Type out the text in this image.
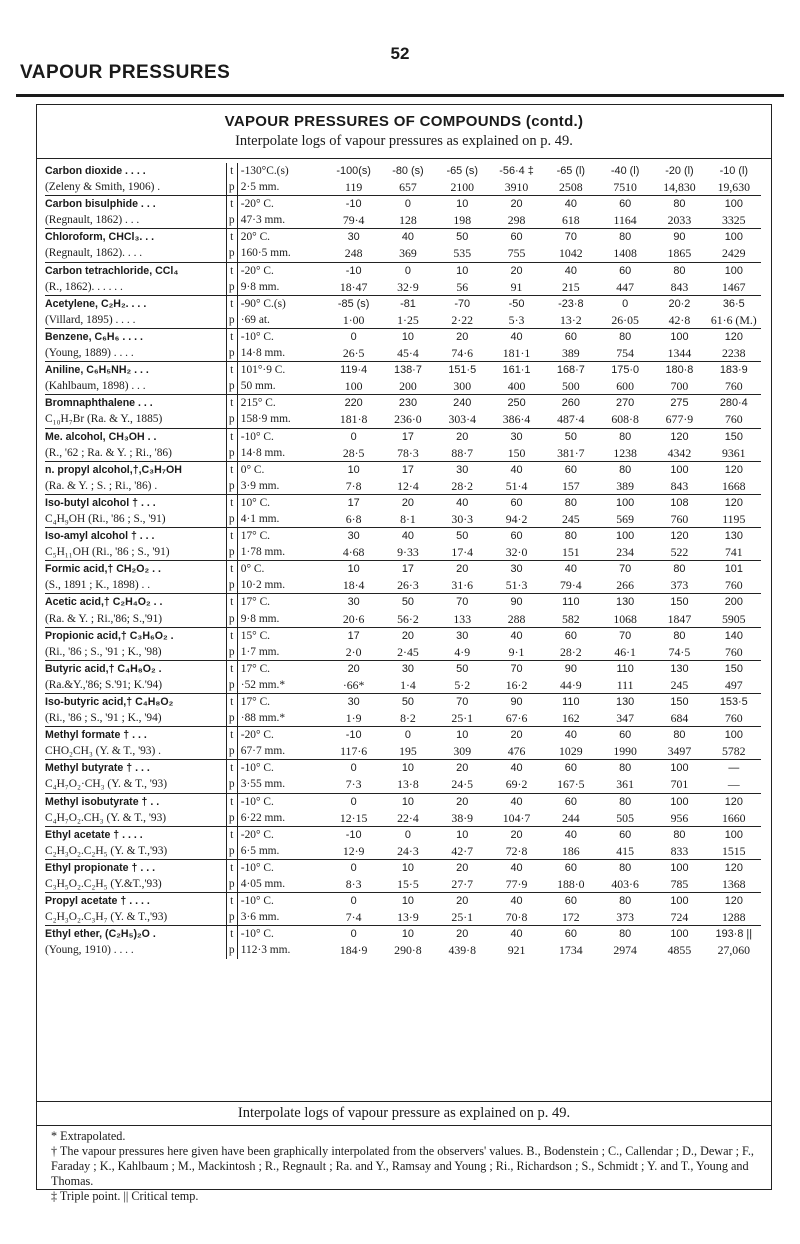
52
VAPOUR PRESSURES
VAPOUR PRESSURES OF COMPOUNDS (contd.)
Interpolate logs of vapour pressures as explained on p. 49.
Carbon dioxide . . . .	t	-130°C.(s)	-100(s)	-80 (s)	-65 (s)	-56·4 ‡	-65 (l)	-40 (l)	-20 (l)	-10 (l)
(Zeleny & Smith, 1906) .	p	2·5 mm.	119	657	2100	3910	2508	7510	14,830	19,630
Carbon bisulphide . . .	t	-20° C.	-10	0	10	20	40	60	80	100
(Regnault, 1862) . . .	p	47·3 mm.	79·4	128	198	298	618	1164	2033	3325
Chloroform, CHCl₃. . .	t	20° C.	30	40	50	60	70	80	90	100
(Regnault, 1862). . . .	p	160·5 mm.	248	369	535	755	1042	1408	1865	2429
Carbon tetrachloride, CCl₄	t	-20° C.	-10	0	10	20	40	60	80	100
(R., 1862). . . . . .	p	9·8 mm.	18·47	32·9	56	91	215	447	843	1467
Acetylene, C₂H₂. . . .	t	-90° C.(s)	-85 (s)	-81	-70	-50	-23·8	0	20·2	36·5
(Villard, 1895) . . . .	p	·69 at.	1·00	1·25	2·22	5·3	13·2	26·05	42·8	61·6 (M.)
Benzene, C₆H₆ . . . .	t	-10° C.	0	10	20	40	60	80	100	120
(Young, 1889) . . . .	p	14·8 mm.	26·5	45·4	74·6	181·1	389	754	1344	2238
Aniline, C₆H₅NH₂ . . .	t	101°·9 C.	119·4	138·7	151·5	161·1	168·7	175·0	180·8	183·9
(Kahlbaum, 1898) . . .	p	50 mm.	100	200	300	400	500	600	700	760
Bromnaphthalene . . .	t	215° C.	220	230	240	250	260	270	275	280·4
C₁₀H₇Br (Ra. & Y., 1885)	p	158·9 mm.	181·8	236·0	303·4	386·4	487·4	608·8	677·9	760
Me. alcohol, CH₃OH . .	t	-10° C.	0	17	20	30	50	80	120	150
(R., '62 ; Ra. & Y. ; Ri., '86)	p	14·8 mm.	28·5	78·3	88·7	150	381·7	1238	4342	9361
n. propyl alcohol,†,C₃H₇OH	t	0° C.	10	17	30	40	60	80	100	120
(Ra. & Y. ; S. ; Ri., '86) .	p	3·9 mm.	7·8	12·4	28·2	51·4	157	389	843	1668
Iso-butyl alcohol † . . .	t	10° C.	17	20	40	60	80	100	108	120
C₄H₉OH (Ri., '86 ; S., '91)	p	4·1 mm.	6·8	8·1	30·3	94·2	245	569	760	1195
Iso-amyl alcohol † . . .	t	17° C.	30	40	50	60	80	100	120	130
C₅H₁₁OH (Ri., '86 ; S., '91)	p	1·78 mm.	4·68	9·33	17·4	32·0	151	234	522	741
Formic acid,† CH₂O₂ . .	t	0° C.	10	17	20	30	40	70	80	101
(S., 1891 ; K., 1898) . .	p	10·2 mm.	18·4	26·3	31·6	51·3	79·4	266	373	760
Acetic acid,† C₂H₄O₂ . .	t	17° C.	30	50	70	90	110	130	150	200
(Ra. & Y. ; Ri.,'86; S.,'91)	p	9·8 mm.	20·6	56·2	133	288	582	1068	1847	5905
Propionic acid,† C₃H₆O₂ .	t	15° C.	17	20	30	40	60	70	80	140
(Ri., '86 ; S., '91 ; K., '98)	p	1·7 mm.	2·0	2·45	4·9	9·1	28·2	46·1	74·5	760
Butyric acid,† C₄H₈O₂ .	t	17° C.	20	30	50	70	90	110	130	150
(Ra.&Y.,'86; S.'91; K.'94)	p	·52 mm.*	·66*	1·4	5·2	16·2	44·9	111	245	497
Iso-butyric acid,† C₄H₈O₂	t	17° C.	30	50	70	90	110	130	150	153·5
(Ri., '86 ; S., '91 ; K., '94)	p	·88 mm.*	1·9	8·2	25·1	67·6	162	347	684	760
Methyl formate † . . .	t	-20° C.	-10	0	10	20	40	60	80	100
CHO₂CH₃ (Y. & T., '93) .	p	67·7 mm.	117·6	195	309	476	1029	1990	3497	5782
Methyl butyrate † . . .	t	-10° C.	0	10	20	40	60	80	100	—
C₄H₇O₂·CH₃ (Y. & T., '93)	p	3·55 mm.	7·3	13·8	24·5	69·2	167·5	361	701	—
Methyl isobutyrate † . .	t	-10° C.	0	10	20	40	60	80	100	120
C₄H₇O₂.CH₃ (Y. & T., '93)	p	6·22 mm.	12·15	22·4	38·9	104·7	244	505	956	1660
Ethyl acetate † . . . .	t	-20° C.	-10	0	10	20	40	60	80	100
C₂H₃O₂.C₂H₅ (Y. & T.,'93)	p	6·5 mm.	12·9	24·3	42·7	72·8	186	415	833	1515
Ethyl propionate † . . .	t	-10° C.	0	10	20	40	60	80	100	120
C₃H₅O₂.C₂H₅ (Y.&T.,'93)	p	4·05 mm.	8·3	15·5	27·7	77·9	188·0	403·6	785	1368
Propyl acetate † . . . .	t	-10° C.	0	10	20	40	60	80	100	120
C₂H₃O₂.C₃H₇ (Y. & T.,'93)	p	3·6 mm.	7·4	13·9	25·1	70·8	172	373	724	1288
Ethyl ether, (C₂H₅)₂O .	t	-10° C.	0	10	20	40	60	80	100	193·8 ||
(Young, 1910) . . . .	p	112·3 mm.	184·9	290·8	439·8	921	1734	2974	4855	27,060
Interpolate logs of vapour pressure as explained on p. 49.
* Extrapolated.
† The vapour pressures here given have been graphically interpolated from the observers' values. B., Bodenstein ; C., Callendar ; D., Dewar ; F., Faraday ; K., Kahlbaum ; M., Mackintosh ; R., Regnault ; Ra. and Y., Ramsay and Young ; Ri., Richardson ; S., Schmidt ; Y. and T., Young and Thomas.
‡ Triple point. || Critical temp.
